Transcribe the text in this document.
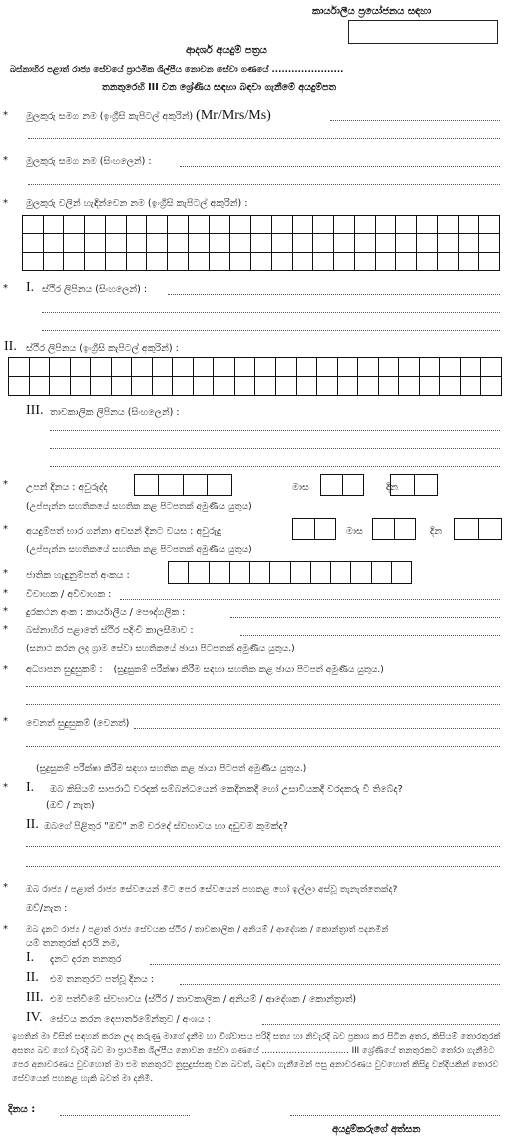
කාර්යාලීය ප්‍රයෝජනය සඳහා
ආදර්ශ අයදුම් පත්‍රය
බස්නාහිර පළාත් රාජ්‍ය සේවයේ ප්‍රාථමික ශිල්පීය නොවන සේවා ගණයේ ......................
තනතුරෙහි III වන ශ්‍රේණිය සඳහා බඳවා ගැනීමේ අයදුම්පත
* මුලකුරු සමග නම (ඉංග්‍රීසි කැපිටල් අකුරින්) (Mr/Mrs/Ms)
* මුලකුරු සමග නම (සිංහලෙන්) :
* මුලකුරු වලින් හැඳින්වෙන නම (ඉංග්‍රීසි කැපිටල් අකුරින්) :
* I. ස්ථිර ලිපිනය (සිංහලෙන්) :
II. ස්ථිර ලිපිනය (ඉංග්‍රීසි කැපිටල් අකුරින්) :
III. තාවකාලික ලිපිනය (සිංහලෙන්) :
* උපන් දිනය : අවුරුද්ද	මාස	දින
(උප්පැන්න සහතිකයේ සහතික කළ පිටපතක් අමුණිය යුතුය)
* අයදුම්පත් භාර ගන්නා අවසන් දිනට වයස : අවුරුදු	මාස	දින
(උප්පැන්න සහතිකයේ සහතික කළ පිටපතක් අමුණිය යුතුය)
* ජාතික හැඳුනුම්පත් අංකය :
* විවාහක / අවිවාහක :
* දුරකථන අංක : කාර්යාලීය / පෞද්ගලික :
* බස්නාහිර පළාතේ ස්ථිර පදිංචි කාලසීමාව :
(සනාථ කරන ලද ග්‍රාම සේවා සහතිකයේ ඡායා පිටපතක් අමුණිය යුතුය.)
* අධ්‍යාපන සුදුසුකම් : (සුදුසුකම් පරීක්ෂා කිරීම සඳහා සහතික කළ ඡායා පිටපත් අමුණිය යුතුය.)
* වෙනත් සුදුසුකම් (වෙනත්)
(සුදුසුකම් පරීක්ෂා කිරීම සඳහා සහතික කළ ඡායා පිටපත් අමුණිය යුතුය.)
* I. ඔබ කිසියම් සාපරාධී වරදක් සම්බන්ධයෙන් කෙදිනකදී හෝ උසාවියකදී වරදකරු වී තිබේද?
(ඔව් / නැත)
II. ඔබගේ පිළිතුර "ඔව්" නම් වරදේ ස්වභාවය හා දඩුවම කුමක්ද?
* ඔබ රාජ්‍ය / පළාත් රාජ්‍ය සේවයෙන් මීට පෙර සේවයෙන් පහකළ හෝ ඉල්ලා අස්වූ තැනැත්තෙක්ද?
ඔව්/නැත :
* ඔබ දැනට රාජ්‍ය / පළාත් රාජ්‍ය සේවයක ස්ථිර / තාවකාලික / අනියම් / ආදේශක / කොන්ත්‍රාත් පදනමින්
යම් තනතුරක් දරයි නම,
I. දැනට දරන තනතුර
II. එම තනතුරට පත්වූ දිනය :
III. එම පත්වීමේ ස්වභාවය (ස්ථිර / තාවකාලික / අනියම් / ආදේශක / කොන්ත්‍රාත්)
IV. සේවය කරන දෙපාර්තමේන්තුව / අංශය :
ඉහතින් මා විසින් සඳහන් කරන ලද කරුණු මාගේ දැනීම හා විශ්වාසය පරිදි සත්‍ය හා නිවැරදි බව ප්‍රකාශ කර සිටින අතර, කිසියම් තොරතුරක් අසත්‍ය බව හෝ වැරදි බව මා ප්‍රාථමික ශිල්පීය නොවන සේවා ගණයේ ................................ III ශ්‍රේණියේ තනතුරකට තෝරා ගැනීමට පෙර අනාවරණය වුවහොත් මා එම තනතුරට නුසුදුස්සකු වන බවත්, බඳවා ගැනීමෙන් පසු අනාවරණය වුවහොත් කිසිදු වන්දියකින් තොරව සේවයෙන් පහකළ හැකි බවත් මා දනිමි.
දිනය :
අයදුම්කරුගේ අත්සන
